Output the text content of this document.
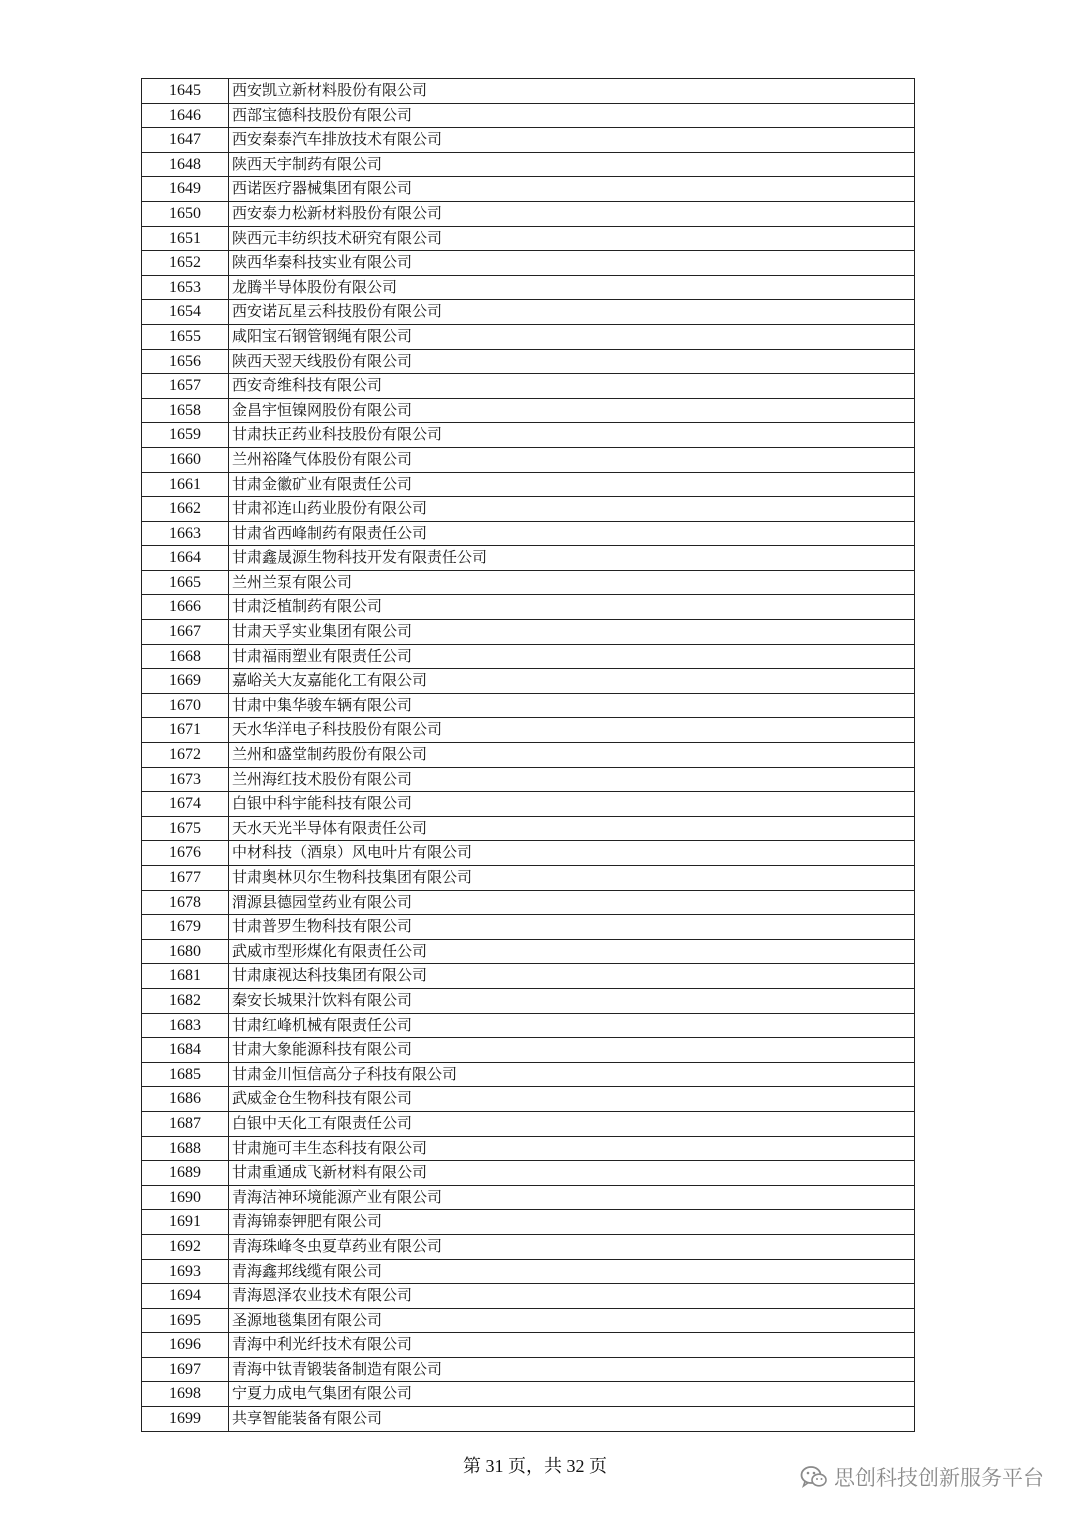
1645	西安凯立新材料股份有限公司
1646	西部宝德科技股份有限公司
1647	西安秦泰汽车排放技术有限公司
1648	陕西天宇制药有限公司
1649	西诺医疗器械集团有限公司
1650	西安泰力松新材料股份有限公司
1651	陕西元丰纺织技术研究有限公司
1652	陕西华秦科技实业有限公司
1653	龙腾半导体股份有限公司
1654	西安诺瓦星云科技股份有限公司
1655	咸阳宝石钢管钢绳有限公司
1656	陕西天翌天线股份有限公司
1657	西安奇维科技有限公司
1658	金昌宇恒镍网股份有限公司
1659	甘肃扶正药业科技股份有限公司
1660	兰州裕隆气体股份有限公司
1661	甘肃金徽矿业有限责任公司
1662	甘肃祁连山药业股份有限公司
1663	甘肃省西峰制药有限责任公司
1664	甘肃鑫晟源生物科技开发有限责任公司
1665	兰州兰泵有限公司
1666	甘肃泛植制药有限公司
1667	甘肃天孚实业集团有限公司
1668	甘肃福雨塑业有限责任公司
1669	嘉峪关大友嘉能化工有限公司
1670	甘肃中集华骏车辆有限公司
1671	天水华洋电子科技股份有限公司
1672	兰州和盛堂制药股份有限公司
1673	兰州海红技术股份有限公司
1674	白银中科宇能科技有限公司
1675	天水天光半导体有限责任公司
1676	中材科技（酒泉）风电叶片有限公司
1677	甘肃奥林贝尔生物科技集团有限公司
1678	渭源县德园堂药业有限公司
1679	甘肃普罗生物科技有限公司
1680	武威市型形煤化有限责任公司
1681	甘肃康视达科技集团有限公司
1682	秦安长城果汁饮料有限公司
1683	甘肃红峰机械有限责任公司
1684	甘肃大象能源科技有限公司
1685	甘肃金川恒信高分子科技有限公司
1686	武威金仓生物科技有限公司
1687	白银中天化工有限责任公司
1688	甘肃施可丰生态科技有限公司
1689	甘肃重通成飞新材料有限公司
1690	青海洁神环境能源产业有限公司
1691	青海锦泰钾肥有限公司
1692	青海珠峰冬虫夏草药业有限公司
1693	青海鑫邦线缆有限公司
1694	青海恩泽农业技术有限公司
1695	圣源地毯集团有限公司
1696	青海中利光纤技术有限公司
1697	青海中钛青锻装备制造有限公司
1698	宁夏力成电气集团有限公司
1699	共享智能装备有限公司
第 31 页，共 32 页	思创科技创新服务平台
